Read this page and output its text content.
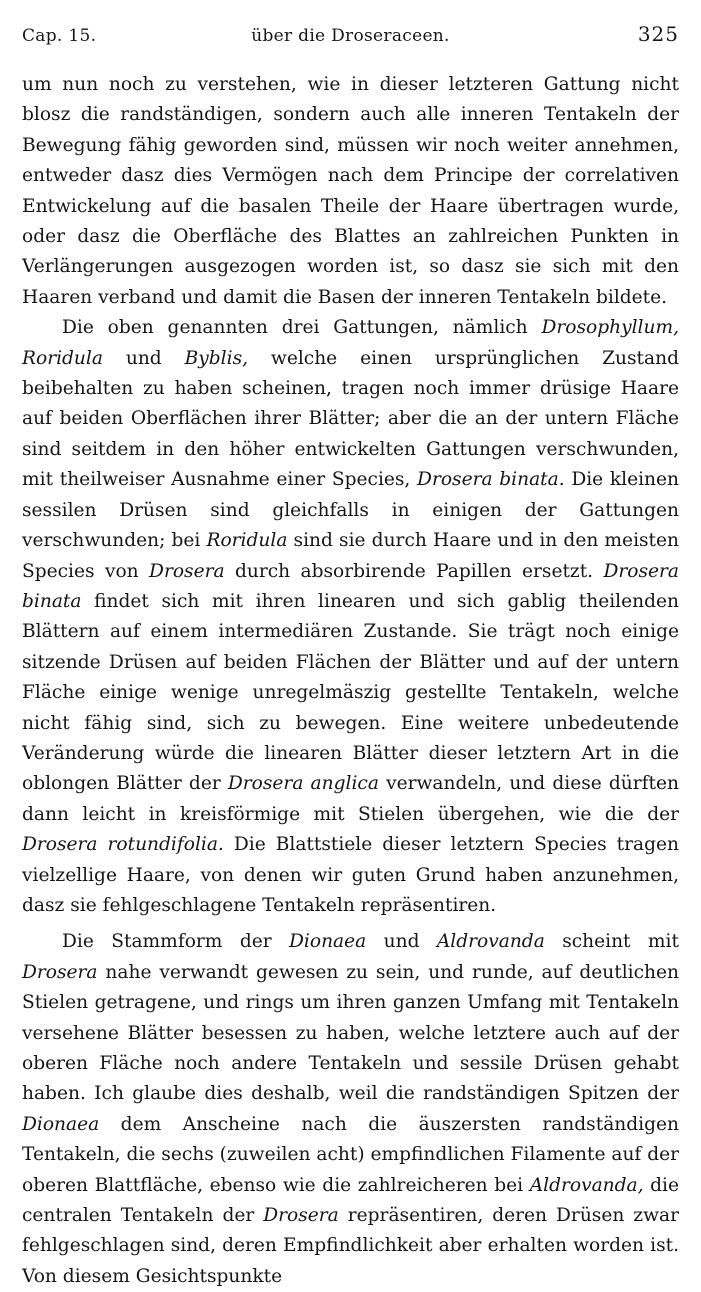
Cap. 15.	über die Droseraceen.	325

um nun noch zu verstehen, wie in dieser letzteren Gattung nicht blosz die randständigen, sondern auch alle inneren Tentakeln der Bewegung fähig geworden sind, müssen wir noch weiter annehmen, entweder dasz dies Vermögen nach dem Principe der correlativen Entwickelung auf die basalen Theile der Haare übertragen wurde, oder dasz die Oberfläche des Blattes an zahlreichen Punkten in Verlängerungen ausgezogen worden ist, so dasz sie sich mit den Haaren verband und damit die Basen der inneren Tentakeln bildete.

Die oben genannten drei Gattungen, nämlich Drosophyllum, Roridula und Byblis, welche einen ursprünglichen Zustand beibehalten zu haben scheinen, tragen noch immer drüsige Haare auf beiden Oberflächen ihrer Blätter; aber die an der untern Fläche sind seitdem in den höher entwickelten Gattungen verschwunden, mit theilweiser Ausnahme einer Species, Drosera binata. Die kleinen sessilen Drüsen sind gleichfalls in einigen der Gattungen verschwunden; bei Roridula sind sie durch Haare und in den meisten Species von Drosera durch absorbirende Papillen ersetzt. Drosera binata findet sich mit ihren linearen und sich gablig theilenden Blättern auf einem intermediären Zustande. Sie trägt noch einige sitzende Drüsen auf beiden Flächen der Blätter und auf der untern Fläche einige wenige unregelmäszig gestellte Tentakeln, welche nicht fähig sind, sich zu bewegen. Eine weitere unbedeutende Veränderung würde die linearen Blätter dieser letztern Art in die oblongen Blätter der Drosera anglica verwandeln, und diese dürften dann leicht in kreisförmige mit Stielen übergehen, wie die der Drosera rotundifolia. Die Blattstiele dieser letztern Species tragen vielzellige Haare, von denen wir guten Grund haben anzunehmen, dasz sie fehlgeschlagene Tentakeln repräsentiren.

Die Stammform der Dionaea und Aldrovanda scheint mit Drosera nahe verwandt gewesen zu sein, und runde, auf deutlichen Stielen getragene, und rings um ihren ganzen Umfang mit Tentakeln versehene Blätter besessen zu haben, welche letztere auch auf der oberen Fläche noch andere Tentakeln und sessile Drüsen gehabt haben. Ich glaube dies deshalb, weil die randständigen Spitzen der Dionaea dem Anscheine nach die äuszersten randständigen Tentakeln, die sechs (zuweilen acht) empfindlichen Filamente auf der oberen Blattfläche, ebenso wie die zahlreicheren bei Aldrovanda, die centralen Tentakeln der Drosera repräsentiren, deren Drüsen zwar fehlgeschlagen sind, deren Empfindlichkeit aber erhalten worden ist. Von diesem Gesichtspunkte
